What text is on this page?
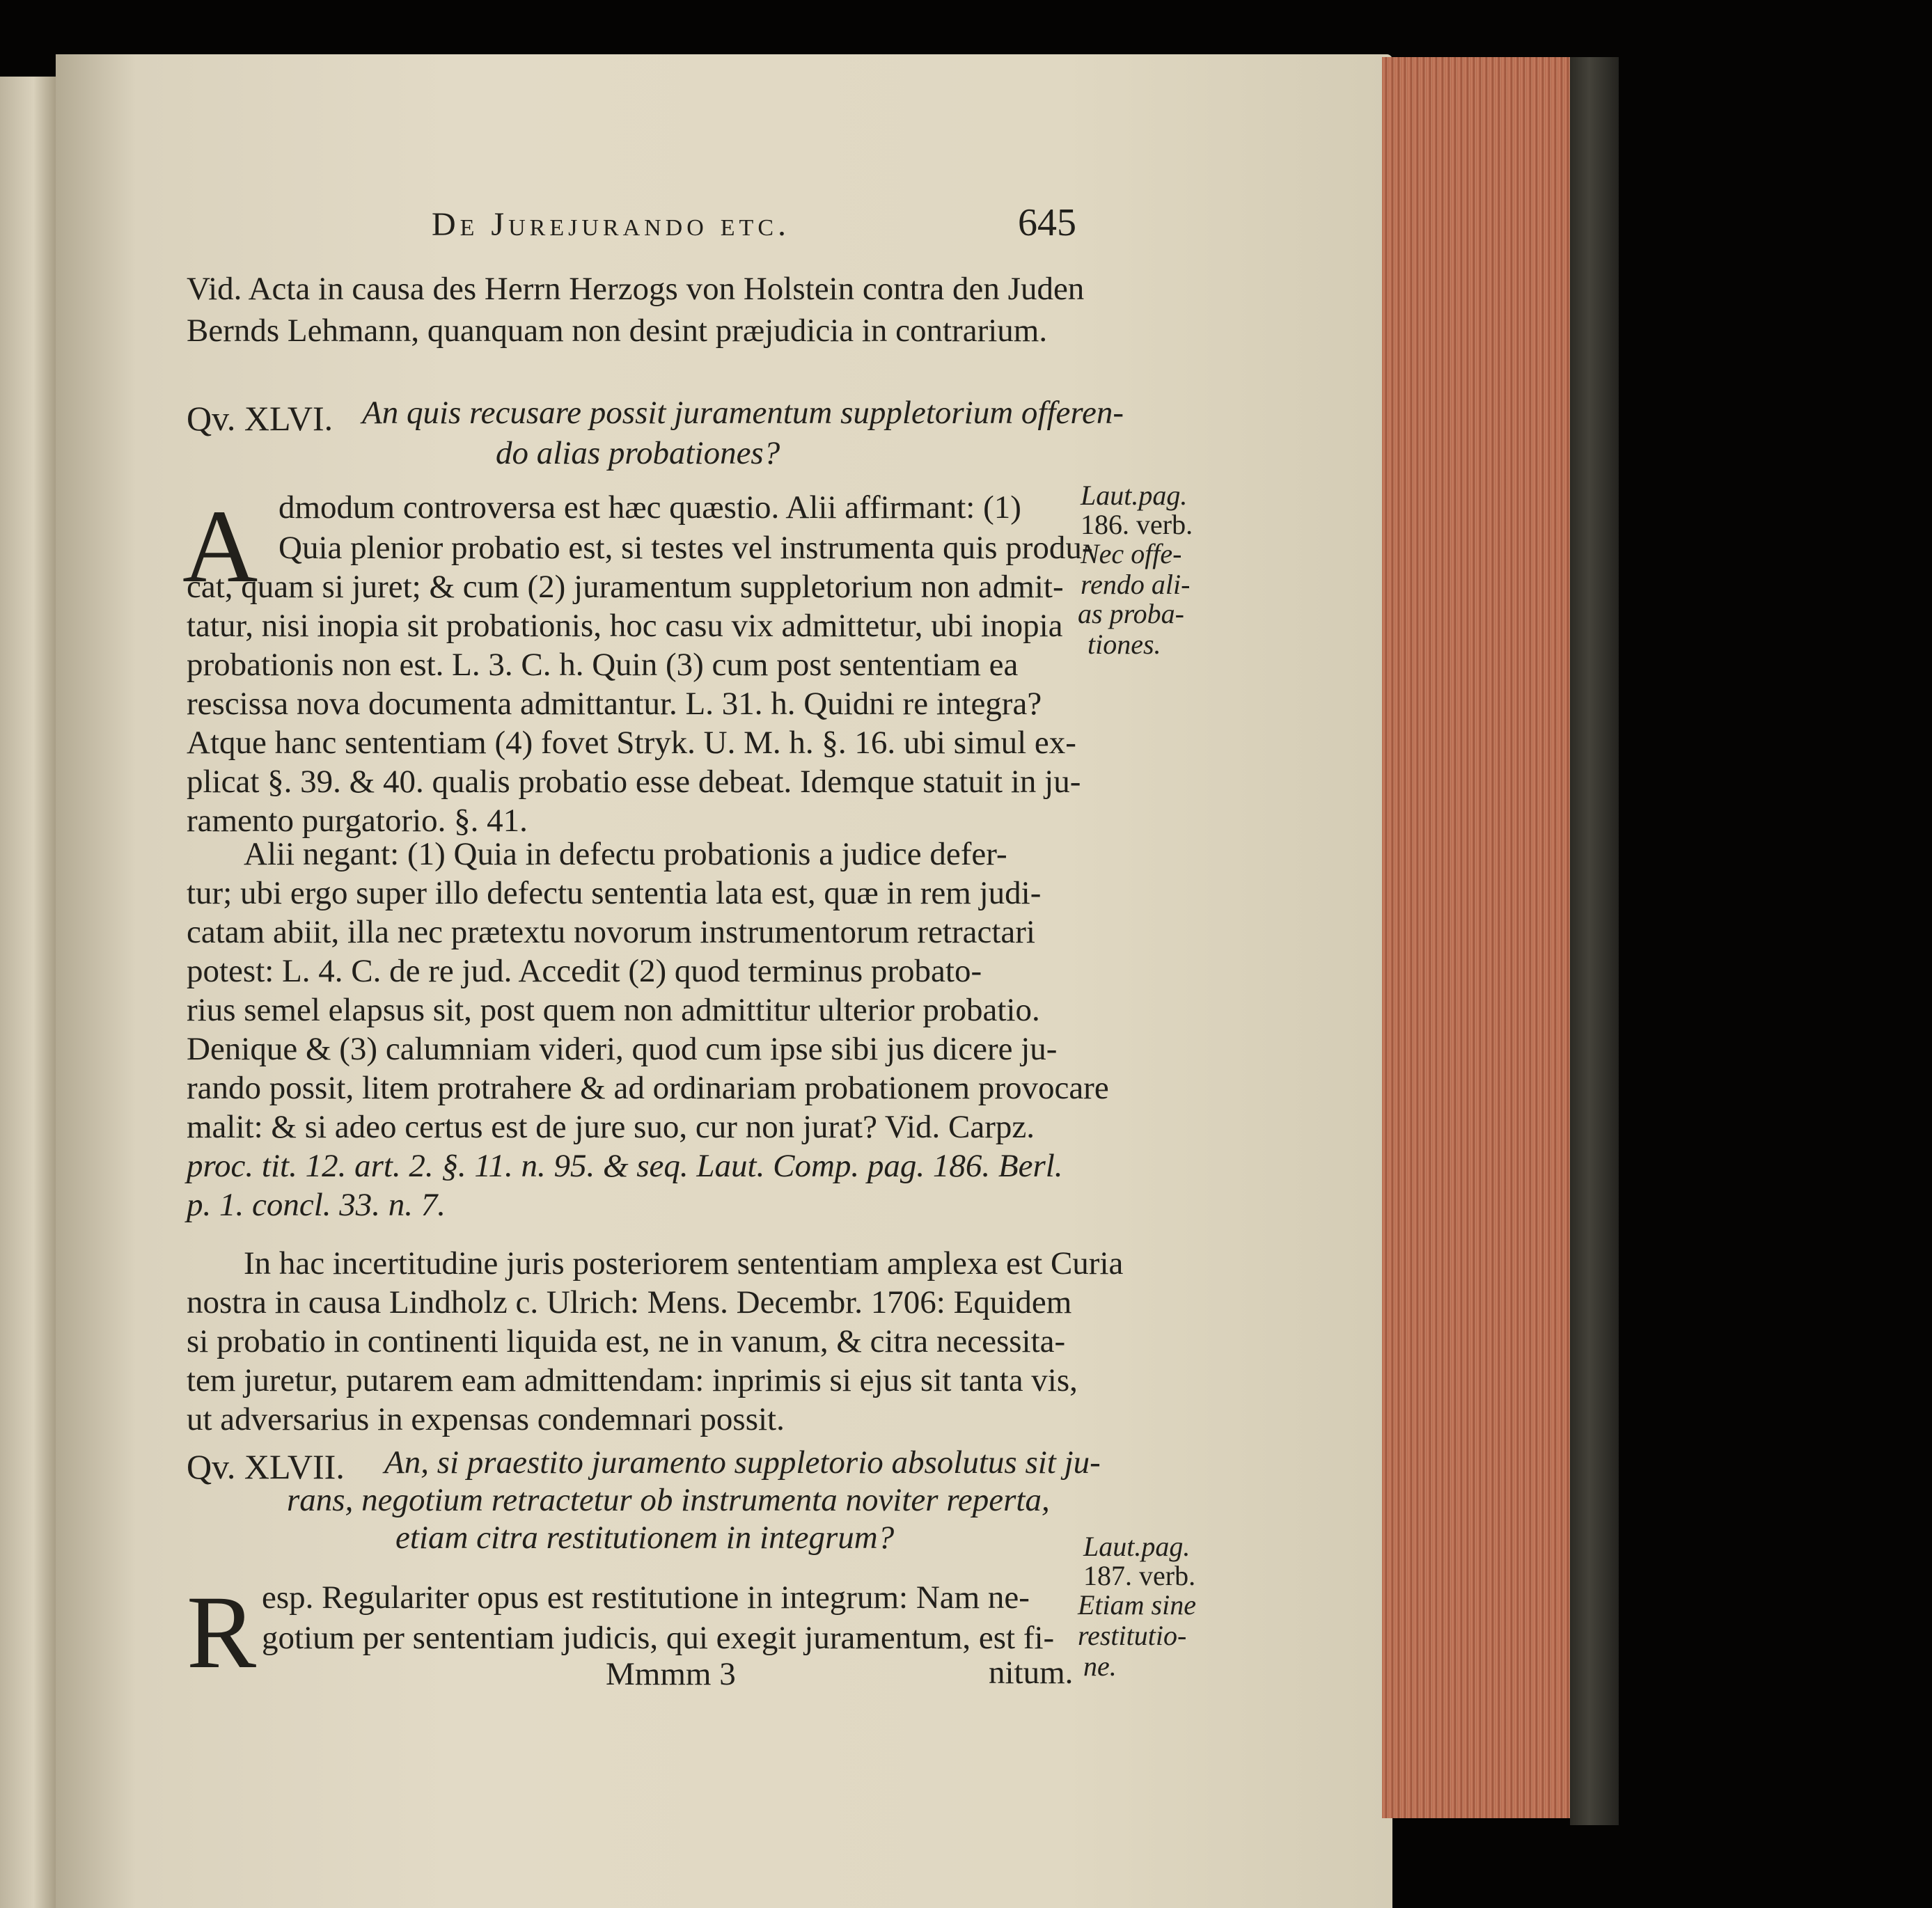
De Jurejurando etc.	645
Vid. Acta in causa des Herrn Herzogs von Holstein contra den Juden
Bernds Lehmann, quanquam non desint præjudicia in contrarium.
Qv. XLVI. An quis recusare possit juramentum suppletorium offeren-
do alias probationes?
A dmodum controversa est hæc quæstio. Alii affirmant: (1)
Quia plenior probatio est, si testes vel instrumenta quis produ-
cat, quam si juret; & cum (2) juramentum suppletorium non admit-
tatur, nisi inopia sit probationis, hoc casu vix admittetur, ubi inopia
probationis non est. L. 3. C. h. Quin (3) cum post sententiam ea
rescissa nova documenta admittantur. L. 31. h. Quidni re integra?
Atque hanc sententiam (4) fovet Stryk. U. M. h. §. 16. ubi simul ex-
plicat §. 39. & 40. qualis probatio esse debeat. Idemque statuit in ju-
ramento purgatorio. §. 41.
Laut.pag.
186. verb.
Nec offe-
rendo ali-
as proba-
tiones.
Alii negant: (1) Quia in defectu probationis a judice defer-
tur; ubi ergo super illo defectu sententia lata est, quæ in rem judi-
catam abiit, illa nec prætextu novorum instrumentorum retractari
potest: L. 4. C. de re jud. Accedit (2) quod terminus probato-
rius semel elapsus sit, post quem non admittitur ulterior probatio.
Denique & (3) calumniam videri, quod cum ipse sibi jus dicere ju-
rando possit, litem protrahere & ad ordinariam probationem provocare
malit: & si adeo certus est de jure suo, cur non jurat? Vid. Carpz.
proc. tit. 12. art. 2. §. 11. n. 95. & seq. Laut. Comp. pag. 186. Berl.
p. 1. concl. 33. n. 7.
In hac incertitudine juris posteriorem sententiam amplexa est Curia
nostra in causa Lindholz c. Ulrich: Mens. Decembr. 1706: Equidem
si probatio in continenti liquida est, ne in vanum, & citra necessita-
tem juretur, putarem eam admittendam: inprimis si ejus sit tanta vis,
ut adversarius in expensas condemnari possit.
Qv. XLVII. An, si praestito juramento suppletorio absolutus sit ju-
rans, negotium retractetur ob instrumenta noviter reperta,
etiam citra restitutionem in integrum?	Laut.pag.
187. verb.
Etiam sine
restitutio-
ne.
R esp. Regulariter opus est restitutione in integrum: Nam ne-
gotium per sententiam judicis, qui exegit juramentum, est fi-
Mmmm 3	nitum.
